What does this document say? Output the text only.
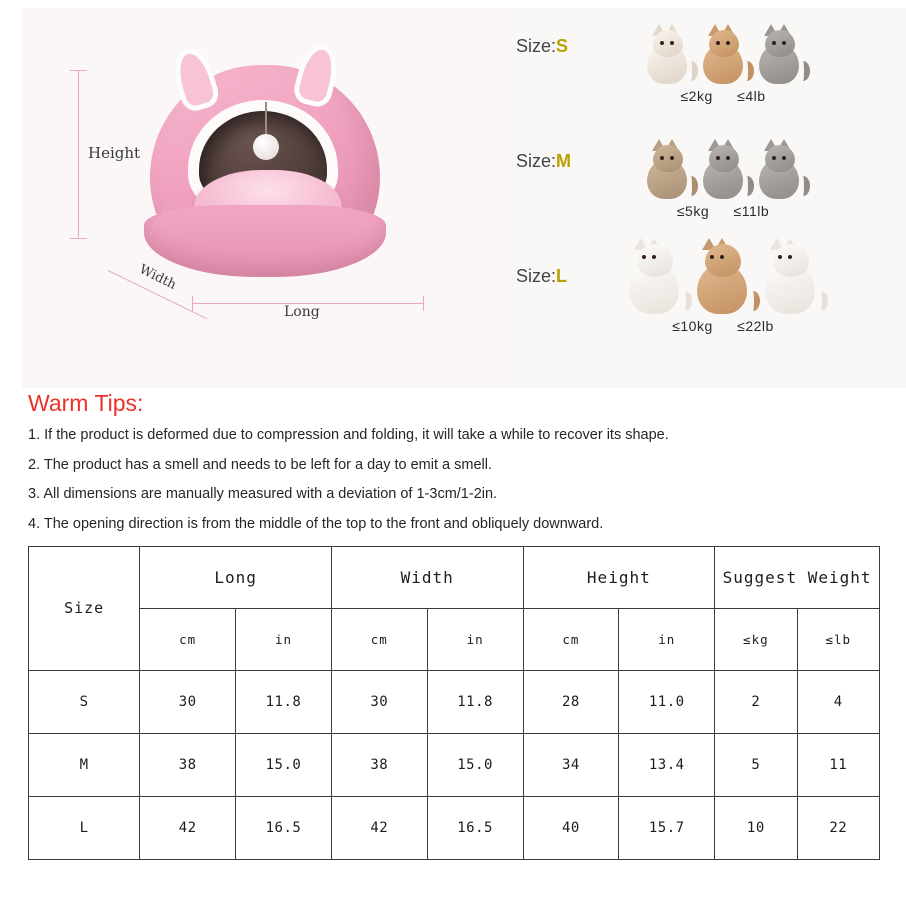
Height
Long
Width
Size:S
≤2kg ≤4lb
Size:M
≤5kg ≤11lb
Size:L
≤10kg ≤22lb
Warm Tips:
1. If the product is deformed due to compression and folding, it will take a while to recover its shape.
2. The product has a smell and needs to be left for a day to emit a smell.
3. All dimensions are manually measured with a deviation of 1-3cm/1-2in.
4. The opening direction is from the middle of the top to the front and obliquely downward.
Size	Long		Width		Height		Suggest Weight	
	cm	in	cm	in	cm	in	≤kg	≤lb
S	30	11.8	30	11.8	28	11.0	2	4
M	38	15.0	38	15.0	34	13.4	5	11
L	42	16.5	42	16.5	40	15.7	10	22
